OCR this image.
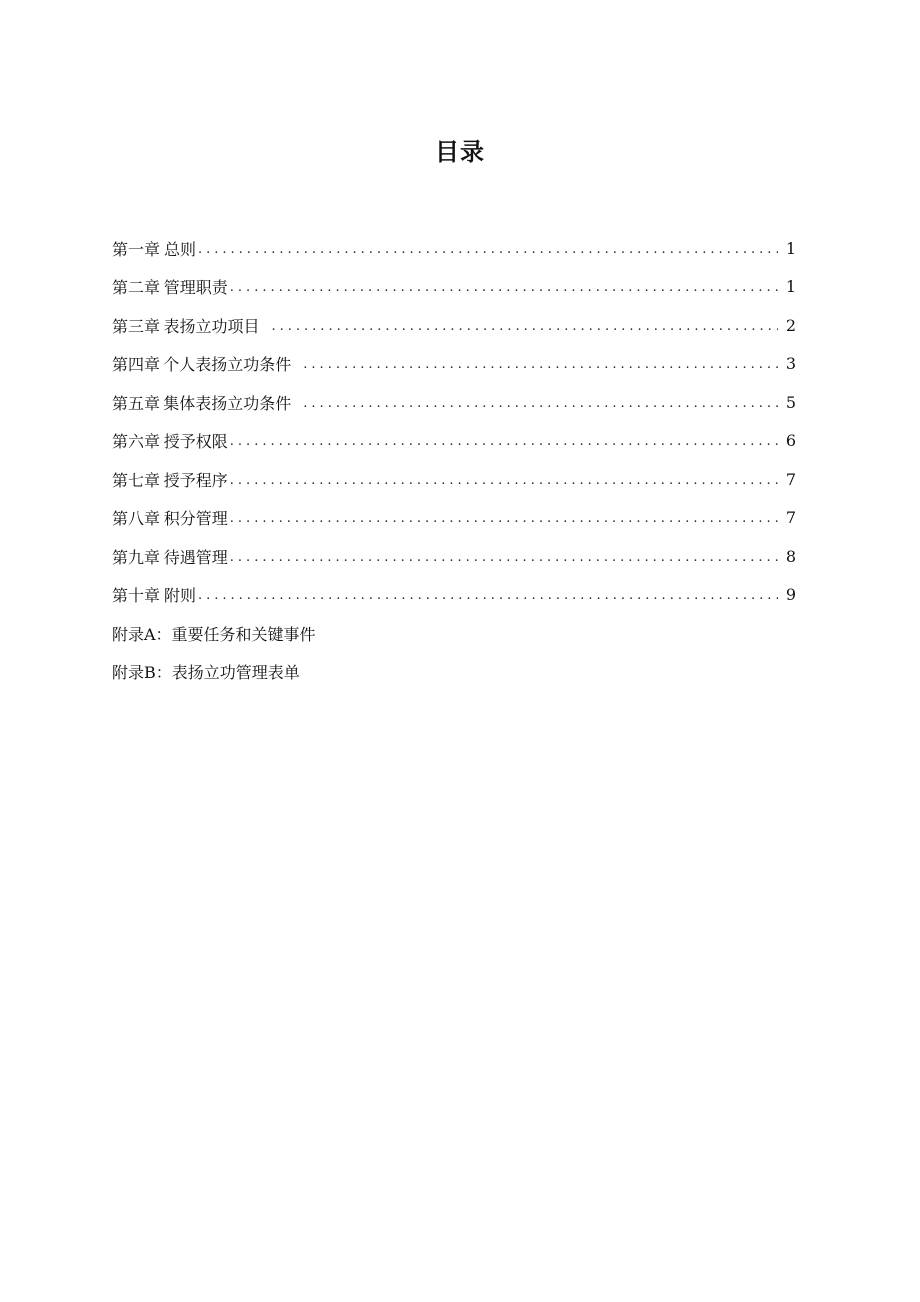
目录
第一章 总则 .....	1
第二章 管理职责 .....	1
第三章 表扬立功项目 .....	2
第四章 个人表扬立功条件 .....	3
第五章 集体表扬立功条件 .....	5
第六章 授予权限 .....	6
第七章 授予程序 .....	7
第八章 积分管理 .....	7
第九章 待遇管理 .....	8
第十章 附则 .....	9
附录A：重要任务和关键事件
附录B：表扬立功管理表单
